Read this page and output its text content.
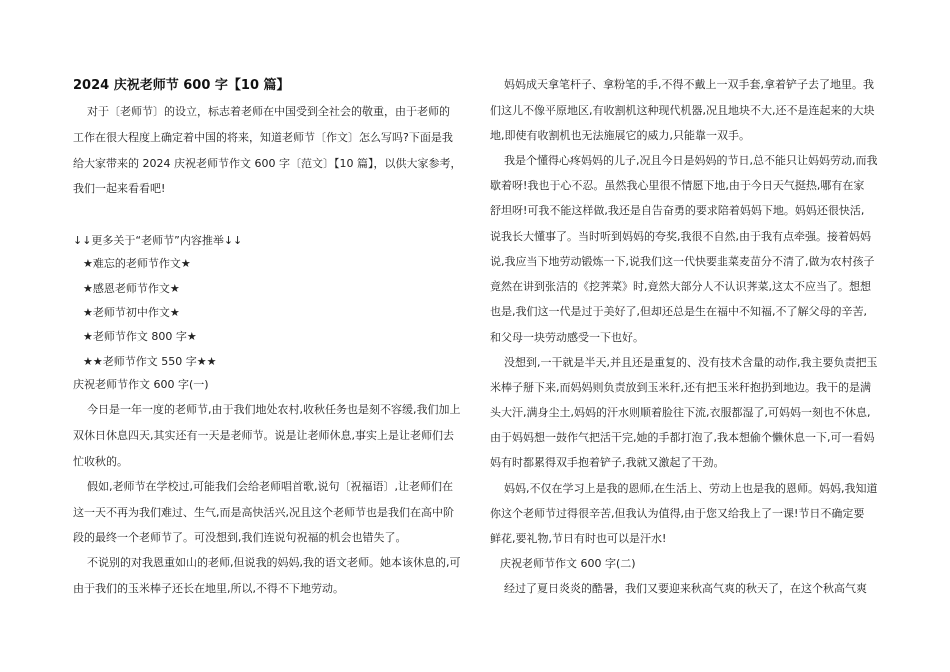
2024 庆祝老师节 600 字【10 篇】
对于〔老师节〕的设立，标志着老师在中国受到全社会的敬重，由于老师的
工作在很大程度上确定着中国的将来，知道老师节〔作文〕怎么写吗?下面是我
给大家带来的 2024 庆祝老师节作文 600 字〔范文〕【10 篇】，以供大家参考，
我们一起来看看吧!
↓↓更多关于“老师节”内容推举↓↓
★难忘的老师节作文★
★感恩老师节作文★
★老师节初中作文★
★老师节作文 800 字★
★★老师节作文 550 字★★
庆祝老师节作文 600 字(一)
今日是一年一度的老师节,由于我们地处农村,收秋任务也是刻不容缓,我们加上
双休日休息四天,其实还有一天是老师节。说是让老师休息,事实上是让老师们去
忙收秋的。
假如,老师节在学校过,可能我们会给老师唱首歌,说句〔祝福语〕,让老师们在
这一天不再为我们难过、生气,而是高快活兴,况且这个老师节也是我们在高中阶
段的最终一个老师节了。可没想到,我们连说句祝福的机会也错失了。
不说别的对我恩重如山的老师,但说我的妈妈,我的语文老师。她本该休息的,可
由于我们的玉米棒子还长在地里,所以,不得不下地劳动。
妈妈成天拿笔杆子、拿粉笔的手,不得不戴上一双手套,拿着铲子去了地里。我
们这儿不像平原地区,有收割机这种现代机器,况且地块不大,还不是连起来的大块
地,即使有收割机也无法施展它的威力,只能靠一双手。
我是个懂得心疼妈妈的儿子,况且今日是妈妈的节日,总不能只让妈妈劳动,而我
歇着呀!我也于心不忍。虽然我心里很不情愿下地,由于今日天气挺热,哪有在家
舒坦呀!可我不能这样做,我还是自告奋勇的要求陪着妈妈下地。妈妈还很快活,
说我长大懂事了。当时听到妈妈的夸奖,我很不自然,由于我有点牵强。接着妈妈
说,我应当下地劳动锻炼一下,说我们这一代快要韭菜麦苗分不清了,做为农村孩子
竟然在讲到张洁的《挖荠菜》时,竟然大部分人不认识荠菜,这太不应当了。想想
也是,我们这一代是过于美好了,但却还总是生在福中不知福,不了解父母的辛苦,
和父母一块劳动感受一下也好。
没想到,一干就是半天,并且还是重复的、没有技术含量的动作,我主要负责把玉
米棒子掰下来,而妈妈则负责放到玉米秆,还有把玉米秆抱扔到地边。我干的是满
头大汗,满身尘土,妈妈的汗水则顺着脸往下流,衣服都湿了,可妈妈一刻也不休息,
由于妈妈想一鼓作气把活干完,她的手都打泡了,我本想偷个懒休息一下,可一看妈
妈有时都累得双手抱着铲子,我就又激起了干劲。
妈妈,不仅在学习上是我的恩师,在生活上、劳动上也是我的恩师。妈妈,我知道
你这个老师节过得很辛苦,但我认为值得,由于您又给我上了一课!节日不确定要
鲜花,要礼物,节日有时也可以是汗水!
庆祝老师节作文 600 字(二)
经过了夏日炎炎的酷暑，我们又要迎来秋高气爽的秋天了，在这个秋高气爽
